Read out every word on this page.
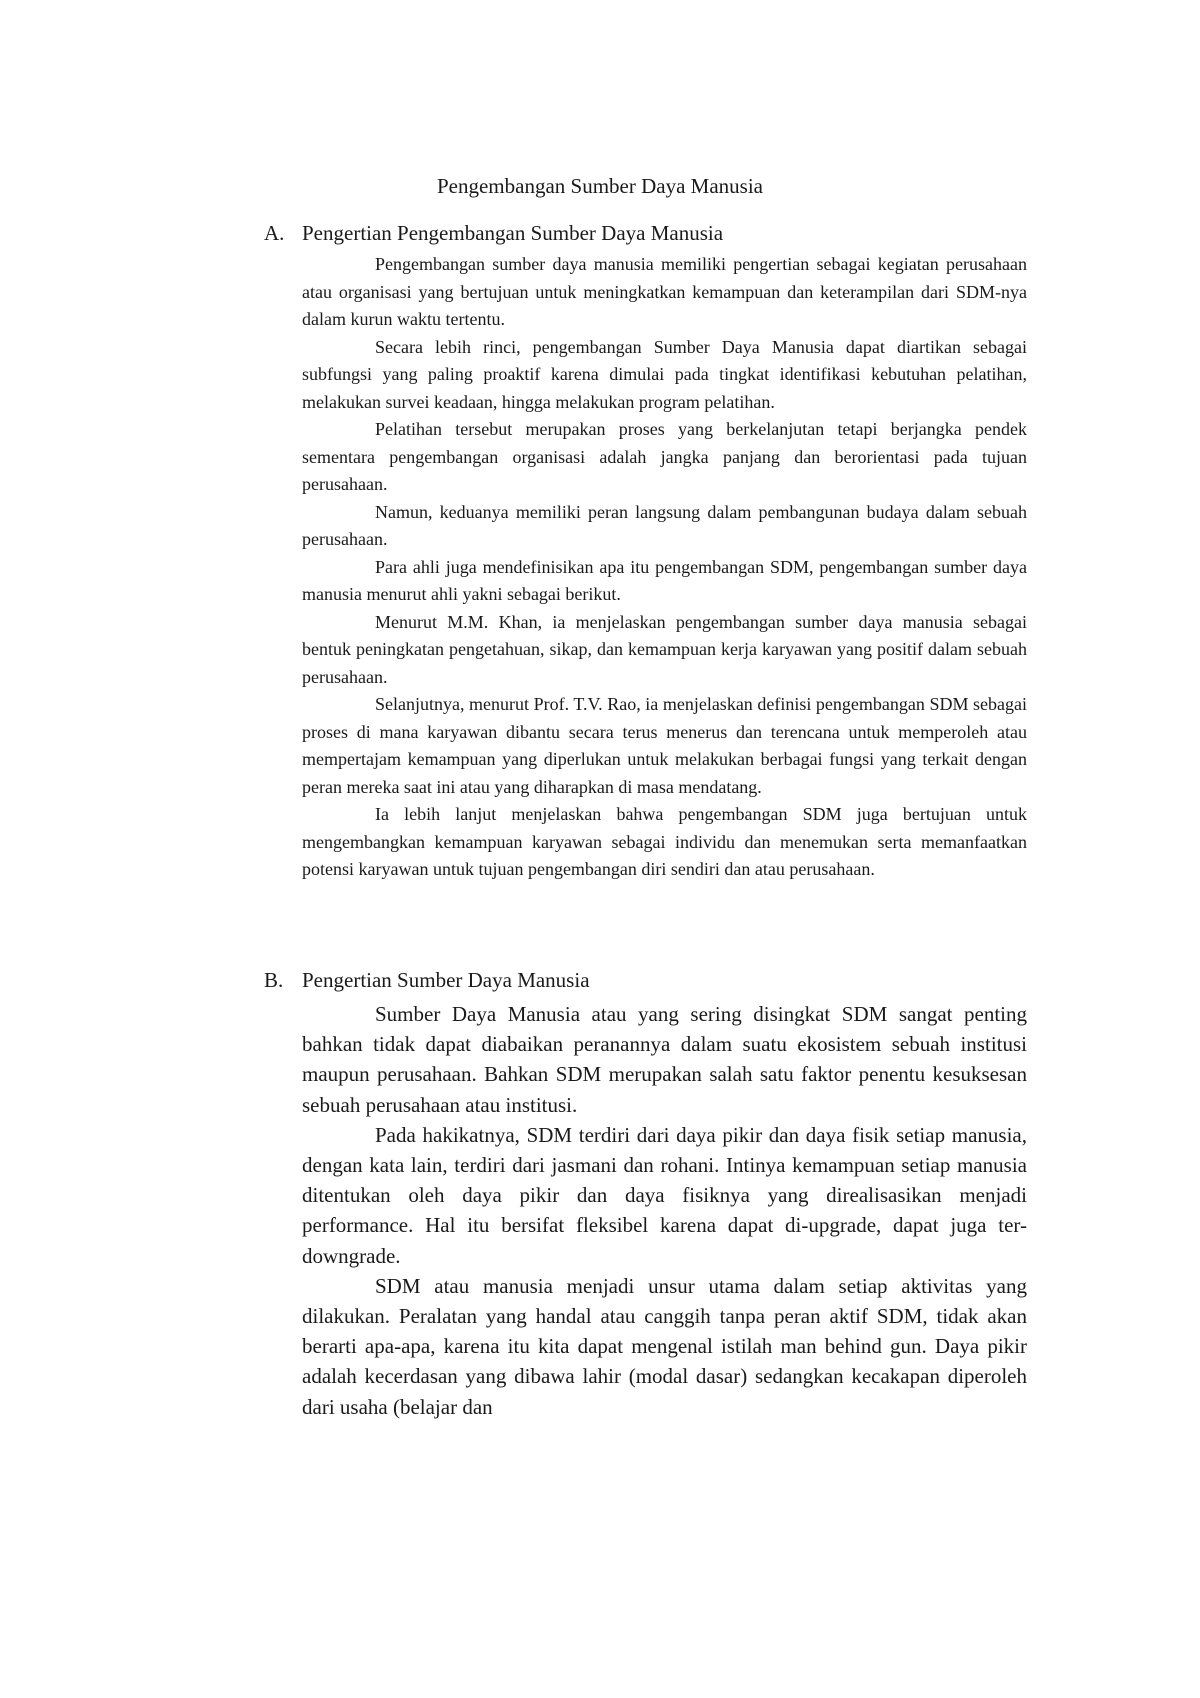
Pengembangan Sumber Daya Manusia
A. Pengertian Pengembangan Sumber Daya Manusia

Pengembangan sumber daya manusia memiliki pengertian sebagai kegiatan perusahaan atau organisasi yang bertujuan untuk meningkatkan kemampuan dan keterampilan dari SDM-nya dalam kurun waktu tertentu.

Secara lebih rinci, pengembangan Sumber Daya Manusia dapat diartikan sebagai subfungsi yang paling proaktif karena dimulai pada tingkat identifikasi kebutuhan pelatihan, melakukan survei keadaan, hingga melakukan program pelatihan.

Pelatihan tersebut merupakan proses yang berkelanjutan tetapi berjangka pendek sementara pengembangan organisasi adalah jangka panjang dan berorientasi pada tujuan perusahaan.

Namun, keduanya memiliki peran langsung dalam pembangunan budaya dalam sebuah perusahaan.

Para ahli juga mendefinisikan apa itu pengembangan SDM, pengembangan sumber daya manusia menurut ahli yakni sebagai berikut.

Menurut M.M. Khan, ia menjelaskan pengembangan sumber daya manusia sebagai bentuk peningkatan pengetahuan, sikap, dan kemampuan kerja karyawan yang positif dalam sebuah perusahaan.

Selanjutnya, menurut Prof. T.V. Rao, ia menjelaskan definisi pengembangan SDM sebagai proses di mana karyawan dibantu secara terus menerus dan terencana untuk memperoleh atau mempertajam kemampuan yang diperlukan untuk melakukan berbagai fungsi yang terkait dengan peran mereka saat ini atau yang diharapkan di masa mendatang.

Ia lebih lanjut menjelaskan bahwa pengembangan SDM juga bertujuan untuk mengembangkan kemampuan karyawan sebagai individu dan menemukan serta memanfaatkan potensi karyawan untuk tujuan pengembangan diri sendiri dan atau perusahaan.

B. Pengertian Sumber Daya Manusia

Sumber Daya Manusia atau yang sering disingkat SDM sangat penting bahkan tidak dapat diabaikan peranannya dalam suatu ekosistem sebuah institusi maupun perusahaan. Bahkan SDM merupakan salah satu faktor penentu kesuksesan sebuah perusahaan atau institusi.

Pada hakikatnya, SDM terdiri dari daya pikir dan daya fisik setiap manusia, dengan kata lain, terdiri dari jasmani dan rohani. Intinya kemampuan setiap manusia ditentukan oleh daya pikir dan daya fisiknya yang direalisasikan menjadi performance. Hal itu bersifat fleksibel karena dapat di-upgrade, dapat juga ter-downgrade.

SDM atau manusia menjadi unsur utama dalam setiap aktivitas yang dilakukan. Peralatan yang handal atau canggih tanpa peran aktif SDM, tidak akan berarti apa-apa, karena itu kita dapat mengenal istilah man behind gun. Daya pikir adalah kecerdasan yang dibawa lahir (modal dasar) sedangkan kecakapan diperoleh dari usaha (belajar dan
